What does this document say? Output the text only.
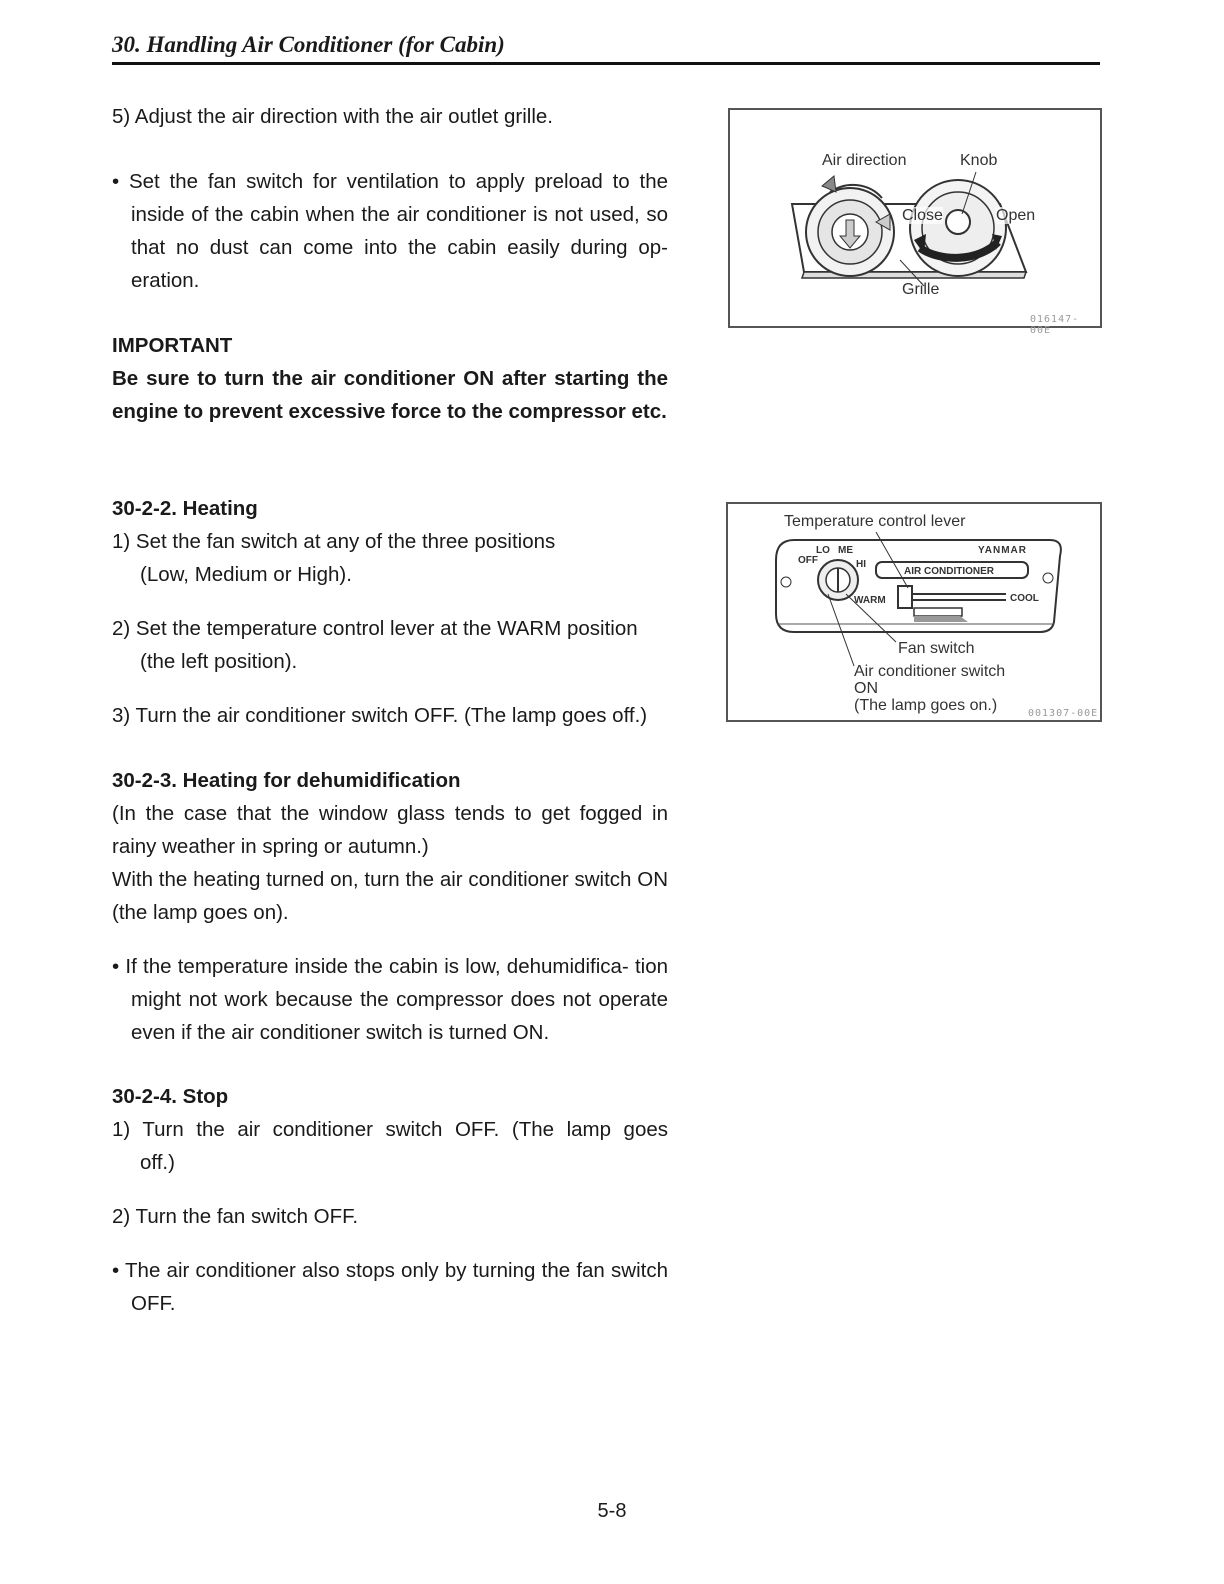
30. Handling Air Conditioner (for Cabin)

5) Adjust the air direction with the air outlet grille.

• Set the fan switch for ventilation to apply preload to the inside of the cabin when the air conditioner is not used, so that no dust can come into the cabin easily during op- eration.

IMPORTANT

Be sure to turn the air conditioner ON after starting the engine to prevent excessive force to the compressor etc.

30-2-2. Heating

1) Set the fan switch at any of the three positions

(Low, Medium or High).

2) Set the temperature control lever at the WARM position

(the left position).

3) Turn the air conditioner switch OFF. (The lamp goes off.)

30-2-3. Heating for dehumidification

(In the case that the window glass tends to get fogged in rainy weather in spring or autumn.)

With the heating turned on, turn the air conditioner switch ON (the lamp goes on).

• If the temperature inside the cabin is low, dehumidifica- tion might not work because the compressor does not operate even if the air conditioner switch is turned ON.

30-2-4. Stop

1) Turn the air conditioner switch OFF. (The lamp goes

off.)

2) Turn the fan switch OFF.

• The air conditioner also stops only by turning the fan switch OFF.

Air direction	Knob
Close	Open
Grille
016147-00E
Temperature control lever
LO ME
HI
OFF
YANMAR
AIR CONDITIONER
WARM	COOL
Fan switch
Air conditioner switch
ON
(The lamp goes on.)	001307-00E
5-8
